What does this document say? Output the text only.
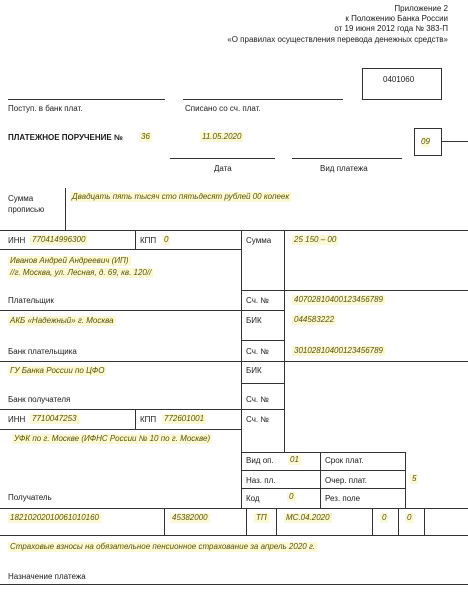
Приложение 2
к Положению Банка России
от 19 июня 2012 года № 383-П
«О правилах осуществления перевода денежных средств»
0401060
Поступ. в банк плат.	Списано со сч. плат.
ПЛАТЕЖНОЕ ПОРУЧЕНИЕ № 36	11.05.2020
Дата	Вид платежа
09
Сумма
прописью
Двадцать пять тысяч сто пятьдесят рублей 00 копеек
ИНН 770414996300	КПП 0	Сумма	25 150 – 00
Иванов Андрей Андреевич (ИП)
//г. Москва, ул. Лесная, д. 69, кв. 120//
Плательщик	Сч. №	40702810400123456789
АКБ «Надежный» г. Москва	БИК	044583222
Банк плательщика	Сч. №	30102810400123456789
ГУ Банка России по ЦФО	БИК
Банк получателя	Сч. №
ИНН 7710047253	КПП 772601001	Сч. №
УФК по г. Москве (ИФНС России № 10 по г. Москве)
Вид оп. 01	Срок плат.
Наз. пл.	Очер. плат.	5
Код	0	Рез. поле
Получатель
18210202010061010160	45382000	ТП МС.04.2020	0	0
Страховые взносы на обязательное пенсионное страхование за апрель 2020 г.
Назначение платежа
